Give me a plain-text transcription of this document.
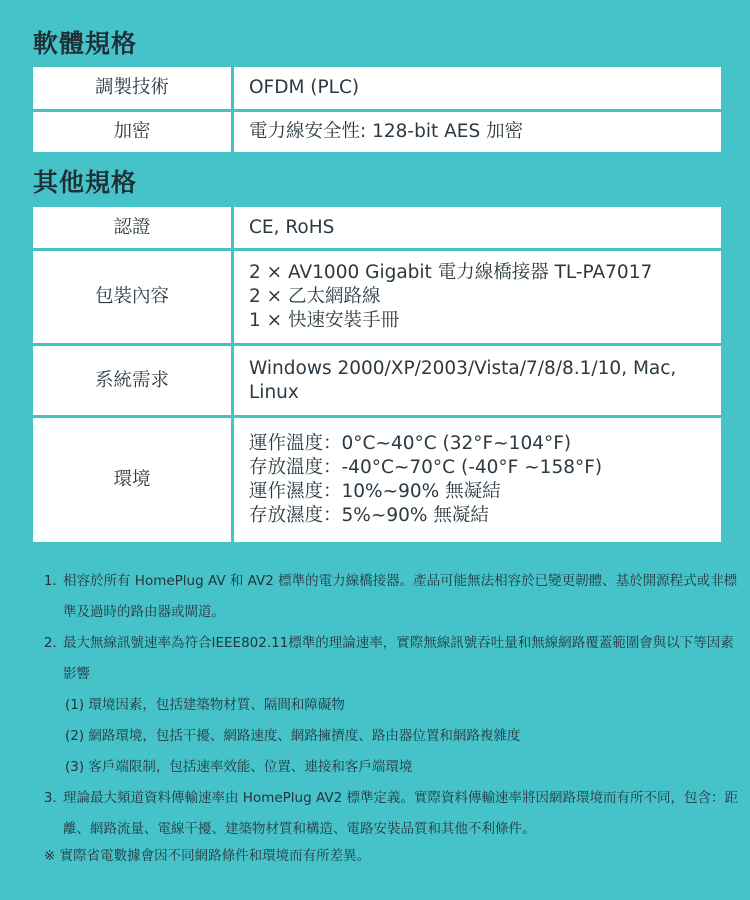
軟體規格
調製技術	OFDM (PLC)

加密	電力線安全性: 128-bit AES 加密
其他規格
認證	CE, RoHS

包裝內容	2 × AV1000 Gigabit 電力線橋接器 TL-PA7017
2 × 乙太網路線
1 × 快速安裝手冊

系統需求	Windows 2000/XP/2003/Vista/7/8/8.1/10, Mac,
Linux

環境	運作溫度：0°C~40°C (32°F~104°F)
存放溫度：-40°C~70°C (-40°F ~158°F)
運作濕度：10%~90% 無凝結
存放濕度：5%~90% 無凝結
1. 相容於所有 HomePlug AV 和 AV2 標準的電力線橋接器。產品可能無法相容於已變更韌體、基於開源程式或非標準及過時的路由器或閘道。
2. 最大無線訊號速率為符合IEEE802.11標準的理論速率，實際無線訊號吞吐量和無線網路覆蓋範圍會與以下等因素影響
(1) 環境因素，包括建築物材質、隔間和障礙物
(2) 網路環境，包括干擾、網路速度、網路擁擠度、路由器位置和網路複雜度
(3) 客戶端限制，包括速率效能、位置、連接和客戶端環境
3. 理論最大頻道資料傳輸速率由 HomePlug AV2 標準定義。實際資料傳輸速率將因網路環境而有所不同，包含：距離、網路流量、電線干擾、建築物材質和構造、電路安裝品質和其他不利條件。

※ 實際省電數據會因不同網路條件和環境而有所差異。
